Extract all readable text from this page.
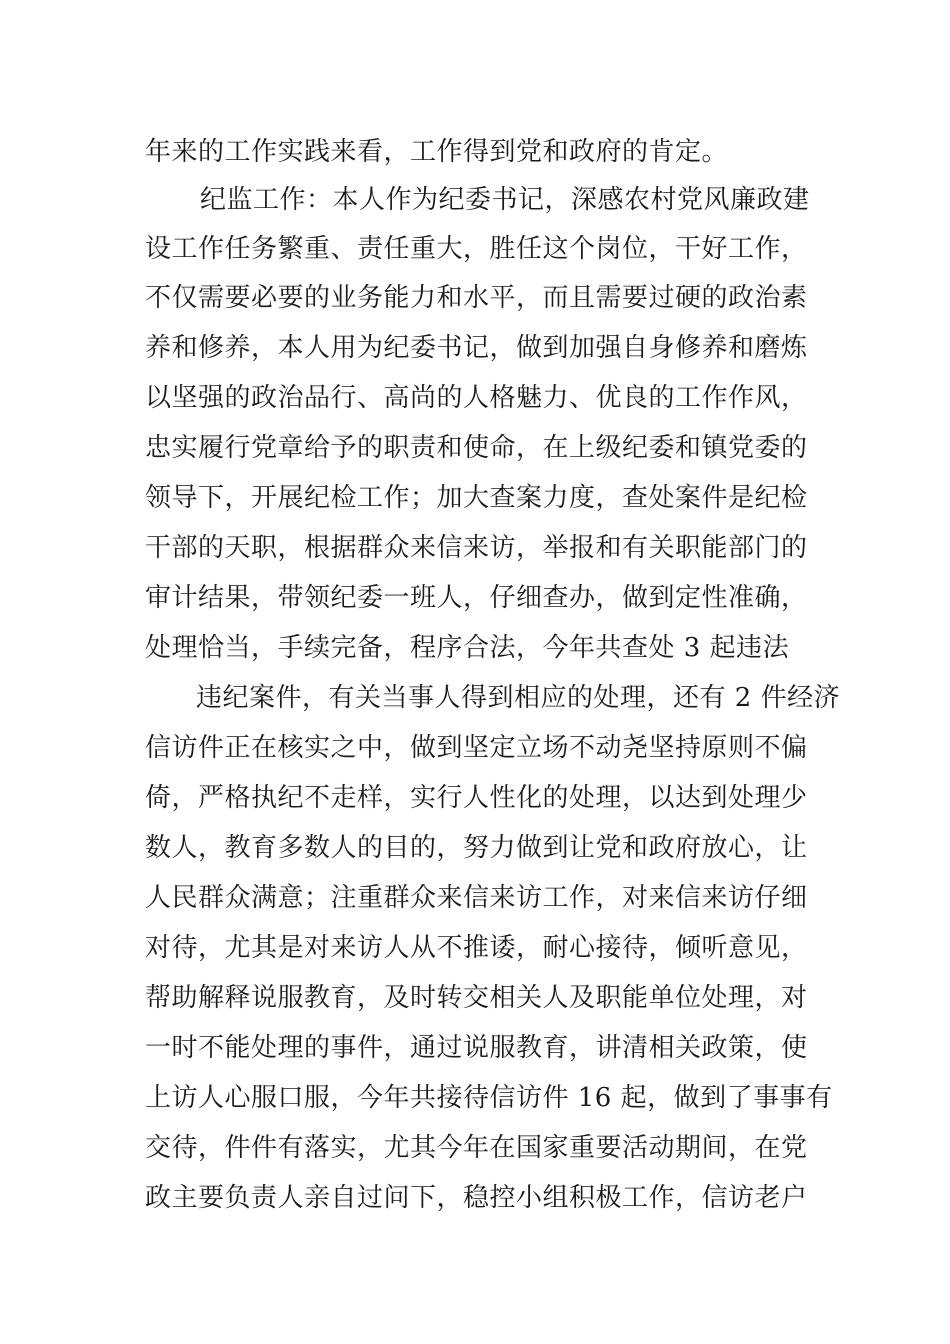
年来的工作实践来看，工作得到党和政府的肯定。
纪监工作：本人作为纪委书记，深感农村党风廉政建
设工作任务繁重、责任重大，胜任这个岗位，干好工作，
不仅需要必要的业务能力和水平，而且需要过硬的政治素
养和修养，本人用为纪委书记，做到加强自身修养和磨炼
以坚强的政治品行、高尚的人格魅力、优良的工作作风，
忠实履行党章给予的职责和使命，在上级纪委和镇党委的
领导下，开展纪检工作；加大查案力度，查处案件是纪检
干部的天职，根据群众来信来访，举报和有关职能部门的
审计结果，带领纪委一班人，仔细查办，做到定性准确，
处理恰当，手续完备，程序合法，今年共查处 3 起违法
违纪案件，有关当事人得到相应的处理，还有 2 件经济
信访件正在核实之中，做到坚定立场不动尧坚持原则不偏
倚，严格执纪不走样，实行人性化的处理，以达到处理少
数人，教育多数人的目的，努力做到让党和政府放心，让
人民群众满意；注重群众来信来访工作，对来信来访仔细
对待，尤其是对来访人从不推诿，耐心接待，倾听意见，
帮助解释说服教育，及时转交相关人及职能单位处理，对
一时不能处理的事件，通过说服教育，讲清相关政策，使
上访人心服口服，今年共接待信访件 16 起，做到了事事有
交待，件件有落实，尤其今年在国家重要活动期间，在党
政主要负责人亲自过问下，稳控小组积极工作，信访老户
